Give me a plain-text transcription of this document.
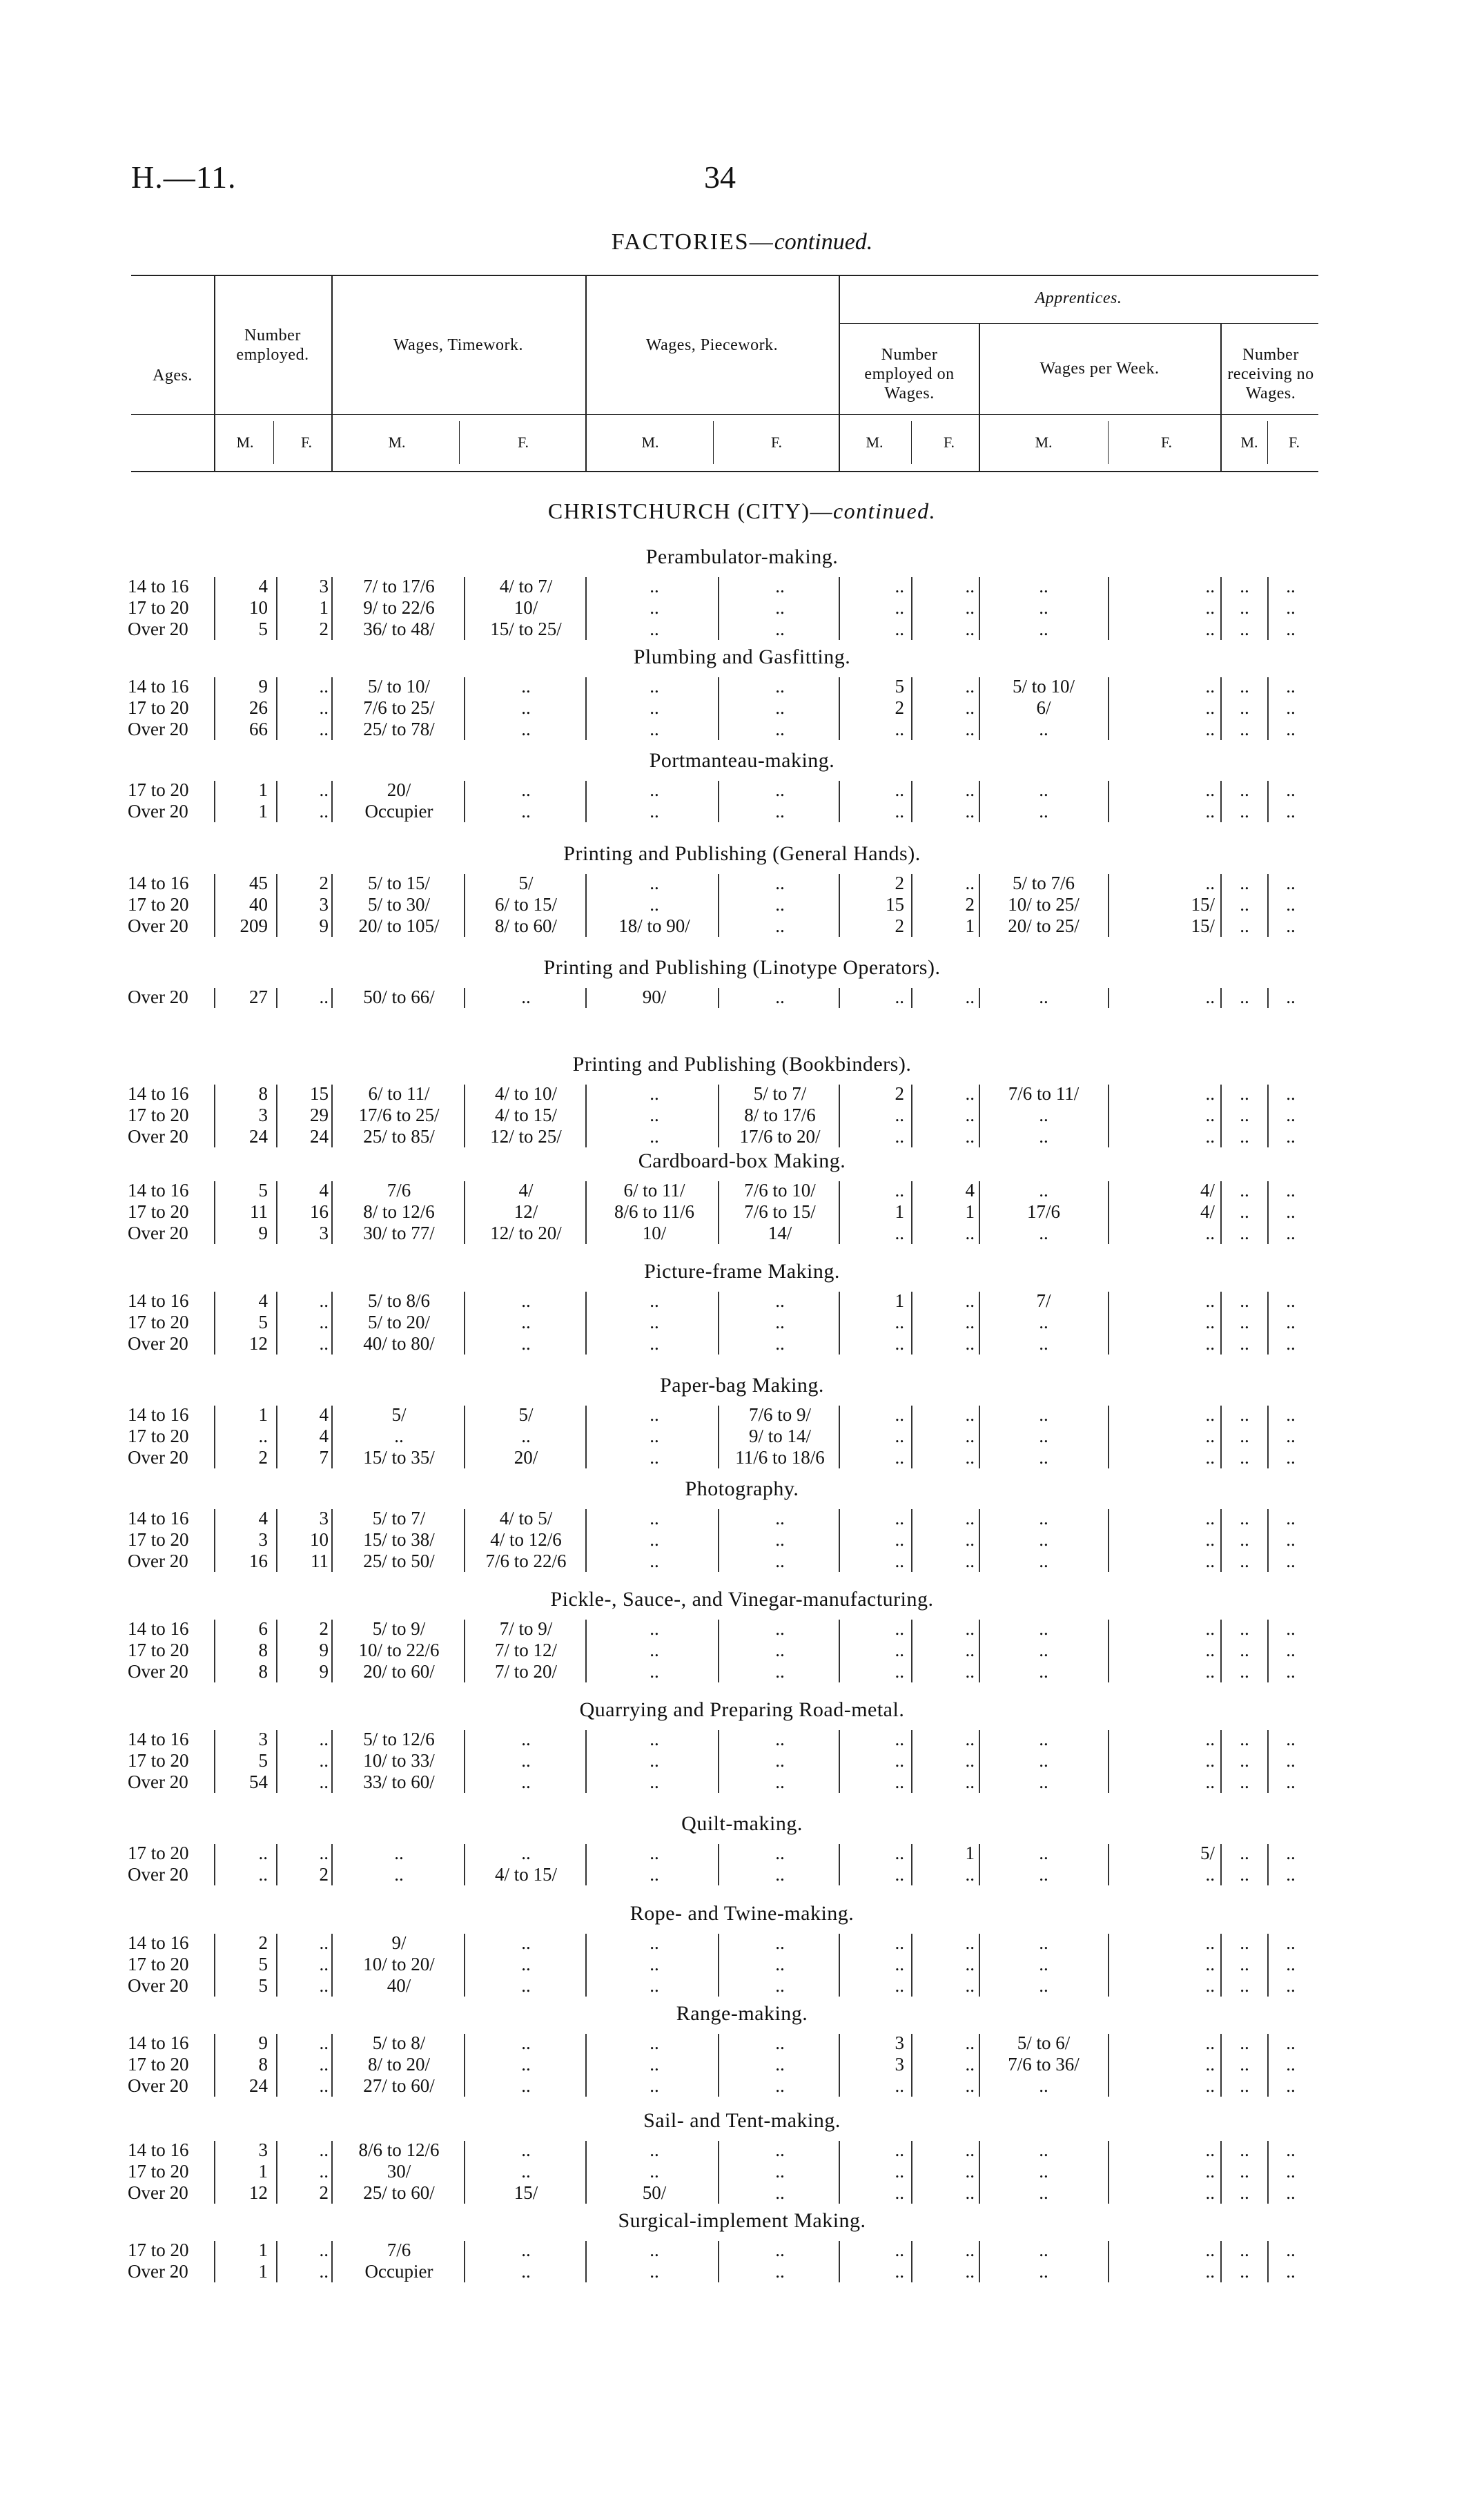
H.—11.	34
FACTORIES—continued.
Ages.
Number employed.
Wages, Timework.	Wages, Piecework.
Apprentices.
Number employed on Wages.
Wages per Week.
Number receiving no Wages.
M.	F.	M.	F.	M.	F.	M.	F.	M.	F.	M.	F.
CHRISTCHURCH (CITY)—continued.
Perambulator-making.
14 to 16	4	3	7/ to 17/6	4/ to 7/	..	..	..	..	..	..	..	..
17 to 20	10	1	9/ to 22/6	10/	..	..	..	..	..	..	..	..
Over 20	5	2	36/ to 48/	15/ to 25/	..	..	..	..	..	..	..	..
Plumbing and Gasfitting.
14 to 16	9	..	5/ to 10/	..	..	..	5	..	5/ to 10/	..	..	..
17 to 20	26	..	7/6 to 25/	..	..	..	2	..	6/	..	..	..
Over 20	66	..	25/ to 78/	..	..	..	..	..	..	..	..	..
Portmanteau-making.
17 to 20	1	..	20/	..	..	..	..	..	..	..	..	..
Over 20	1	..	Occupier	..	..	..	..	..	..	..	..	..
Printing and Publishing (General Hands).
14 to 16	45	2	5/ to 15/	5/	..	..	2	..	5/ to 7/6	..	..	..
17 to 20	40	3	5/ to 30/	6/ to 15/	..	..	15	2	10/ to 25/	15/	..	..
Over 20	209	9	20/ to 105/	8/ to 60/	18/ to 90/	..	2	1	20/ to 25/	15/	..	..
Printing and Publishing (Linotype Operators).
Over 20	27	..	50/ to 66/	..	90/	..	..	..	..	..	..	..
Printing and Publishing (Bookbinders).
14 to 16	8	15	6/ to 11/	4/ to 10/	..	5/ to 7/	2	..	7/6 to 11/	..	..	..
17 to 20	3	29	17/6 to 25/	4/ to 15/	..	8/ to 17/6	..	..	..	..	..	..
Over 20	24	24	25/ to 85/	12/ to 25/	..	17/6 to 20/	..	..	..	..	..	..
Cardboard-box Making.
14 to 16	5	4	7/6	4/	6/ to 11/	7/6 to 10/	..	4	..	4/	..	..
17 to 20	11	16	8/ to 12/6	12/	8/6 to 11/6	7/6 to 15/	1	1	17/6	4/	..	..
Over 20	9	3	30/ to 77/	12/ to 20/	10/	14/	..	..	..	..	..	..
Picture-frame Making.
14 to 16	4	..	5/ to 8/6	..	..	..	1	..	7/	..	..	..
17 to 20	5	..	5/ to 20/	..	..	..	..	..	..	..	..	..
Over 20	12	..	40/ to 80/	..	..	..	..	..	..	..	..	..
Paper-bag Making.
14 to 16	1	4	5/	5/	..	7/6 to 9/	..	..	..	..	..	..
17 to 20	..	4	..	..	..	9/ to 14/	..	..	..	..	..	..
Over 20	2	7	15/ to 35/	20/	..	11/6 to 18/6	..	..	..	..	..	..
Photography.
14 to 16	4	3	5/ to 7/	4/ to 5/	..	..	..	..	..	..	..	..
17 to 20	3	10	15/ to 38/	4/ to 12/6	..	..	..	..	..	..	..	..
Over 20	16	11	25/ to 50/	7/6 to 22/6	..	..	..	..	..	..	..	..
Pickle-, Sauce-, and Vinegar-manufacturing.
14 to 16	6	2	5/ to 9/	7/ to 9/	..	..	..	..	..	..	..	..
17 to 20	8	9	10/ to 22/6	7/ to 12/	..	..	..	..	..	..	..	..
Over 20	8	9	20/ to 60/	7/ to 20/	..	..	..	..	..	..	..	..
Quarrying and Preparing Road-metal.
14 to 16	3	..	5/ to 12/6	..	..	..	..	..	..	..	..	..
17 to 20	5	..	10/ to 33/	..	..	..	..	..	..	..	..	..
Over 20	54	..	33/ to 60/	..	..	..	..	..	..	..	..	..
Quilt-making.
17 to 20	..	..	..	..	..	..	..	1	..	5/	..	..
Over 20	..	2	..	4/ to 15/	..	..	..	..	..	..	..	..
Rope- and Twine-making.
14 to 16	2	..	9/	..	..	..	..	..	..	..	..	..
17 to 20	5	..	10/ to 20/	..	..	..	..	..	..	..	..	..
Over 20	5	..	40/	..	..	..	..	..	..	..	..	..
Range-making.
14 to 16	9	..	5/ to 8/	..	..	..	3	..	5/ to 6/	..	..	..
17 to 20	8	..	8/ to 20/	..	..	..	3	..	7/6 to 36/	..	..	..
Over 20	24	..	27/ to 60/	..	..	..	..	..	..	..	..	..
Sail- and Tent-making.
14 to 16	3	..	8/6 to 12/6	..	..	..	..	..	..	..	..	..
17 to 20	1	..	30/	..	..	..	..	..	..	..	..	..
Over 20	12	2	25/ to 60/	15/	50/	..	..	..	..	..	..	..
Surgical-implement Making.
17 to 20	1	..	7/6	..	..	..	..	..	..	..	..	..
Over 20	1	..	Occupier	..	..	..	..	..	..	..	..	..
